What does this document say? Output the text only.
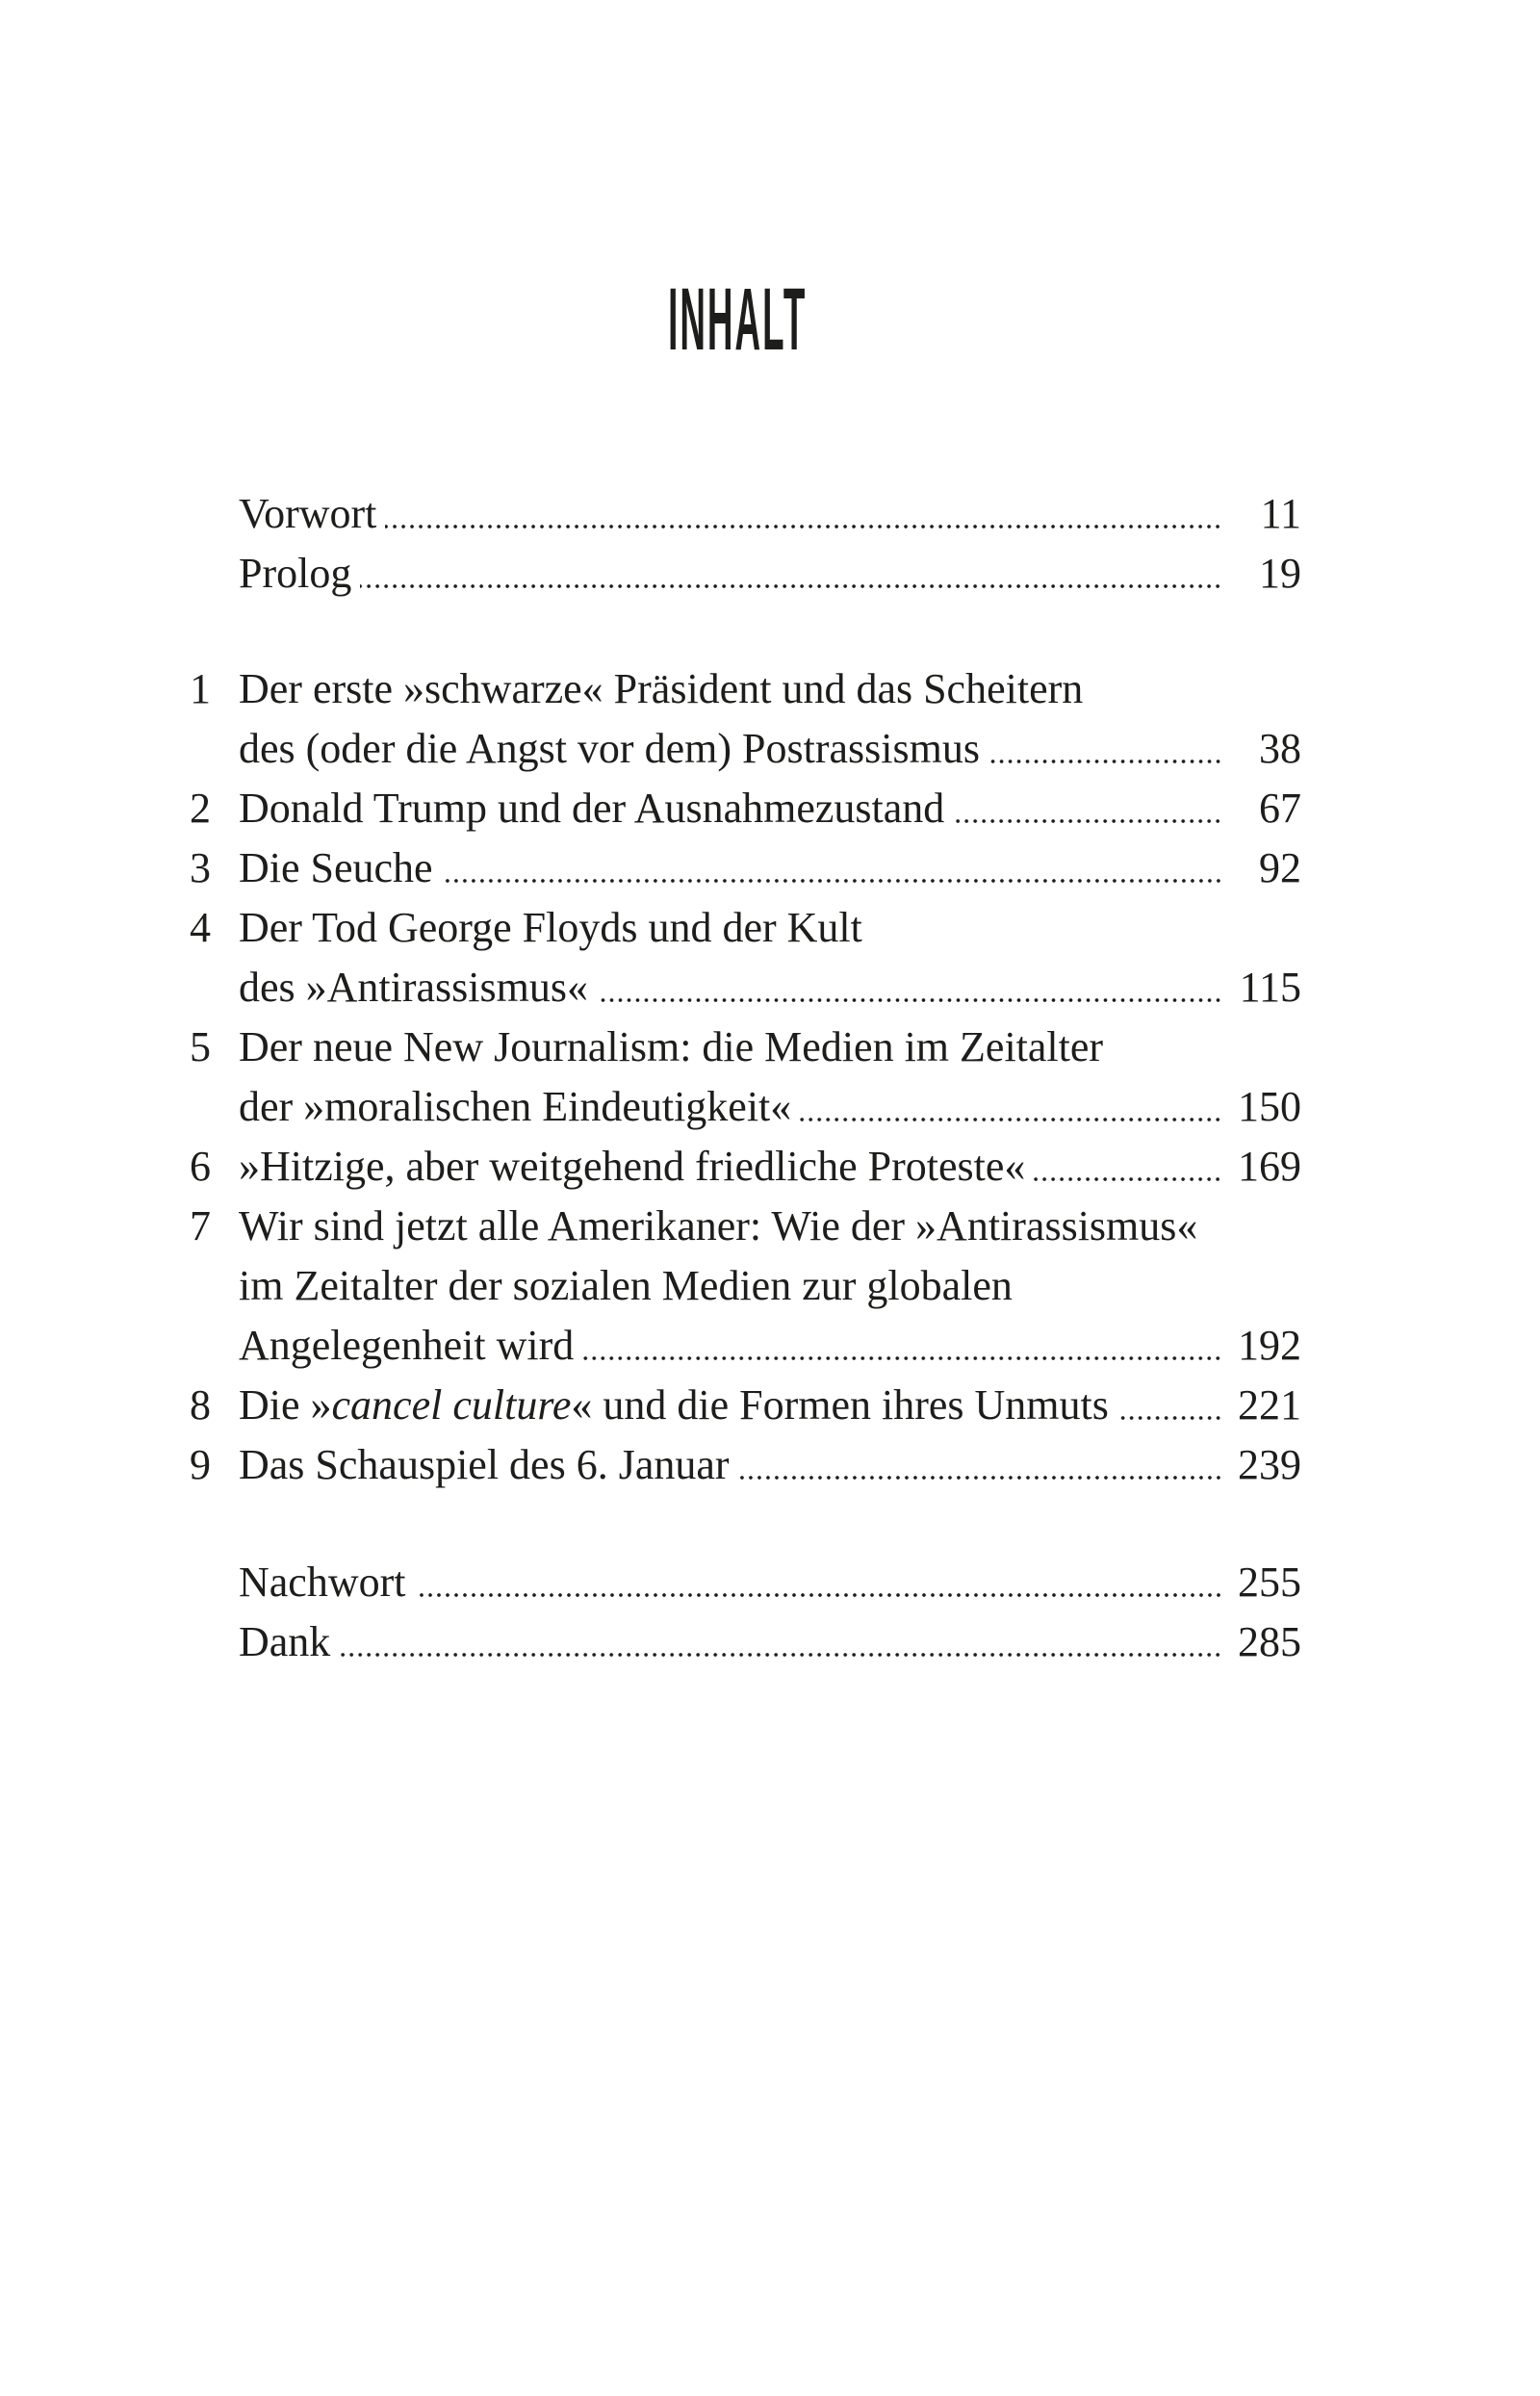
INHALT
Vorwort	11
Prolog	19
1 Der erste »schwarze« Präsident und das Scheitern
des (oder die Angst vor dem) Postrassismus	38
2 Donald Trump und der Ausnahmezustand	67
3 Die Seuche	92
4 Der Tod George Floyds und der Kult
des »Antirassismus«	115
5 Der neue New Journalism: die Medien im Zeitalter
der »moralischen Eindeutigkeit«	150
6 »Hitzige, aber weitgehend friedliche Proteste«	169
7 Wir sind jetzt alle Amerikaner: Wie der »Antirassismus«
im Zeitalter der sozialen Medien zur globalen
Angelegenheit wird	192
8 Die »cancel culture« und die Formen ihres Unmuts	221
9 Das Schauspiel des 6. Januar	239
Nachwort	255
Dank	285
